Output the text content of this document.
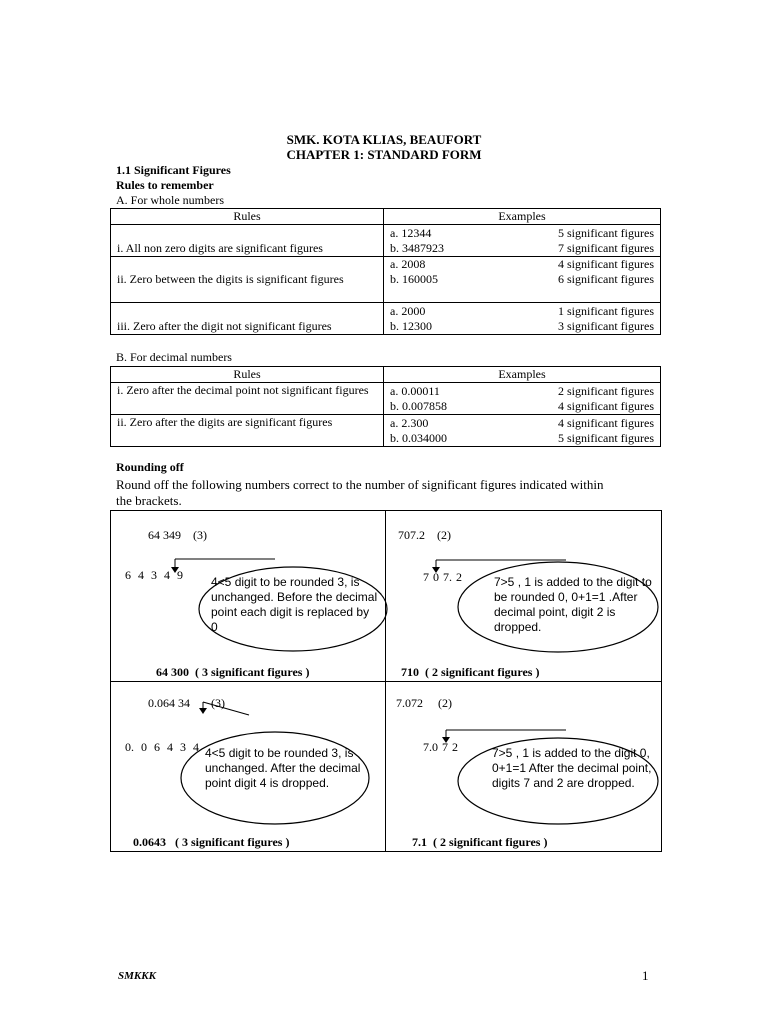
SMK. KOTA KLIAS, BEAUFORT
CHAPTER 1: STANDARD FORM
1.1 Significant Figures
Rules to remember
A. For whole numbers
Rules	Examples
i. All non zero digits are significant figures	a. 12344 5 significant figures
b. 3487923 7 significant figures

ii. Zero between the digits is significant figures	a. 2008 4 significant figures
b. 160005 6 significant figures

iii. Zero after the digit not significant figures	a. 2000 1 significant figures
b. 12300 3 significant figures
B. For decimal numbers
Rules	Examples
i. Zero after the decimal point not significant figures	a. 0.00011 2 significant figures
b. 0.007858 4 significant figures

ii. Zero after the digits are significant figures	a. 2.300 4 significant figures
b. 0.034000 5 significant figures
Rounding off
Round off the following numbers correct to the number of significant figures indicated within the brackets.
64 349 (3)
6 4 3 4 9 4<5 digit to be rounded 3, is unchanged. Before the decimal point each digit is replaced by 0
64 300 ( 3 significant figures )
707.2 (2)
7 0 7. 2	7>5 , 1 is added to the digit to be rounded 0, 0+1=1 .After decimal point, digit 2 is dropped.
710 ( 2 significant figures )
0.064 34 (3)
0. 0 6 4 3 4 4<5 digit to be rounded 3, is unchanged. After the decimal point digit 4 is dropped.
0.0643 ( 3 significant figures )
7.072 (2)
7.0 7 2	7>5 , 1 is added to the digit 0, 0+1=1 After the decimal point, digits 7 and 2 are dropped.
7.1 ( 2 significant figures )
SMKKK	1
